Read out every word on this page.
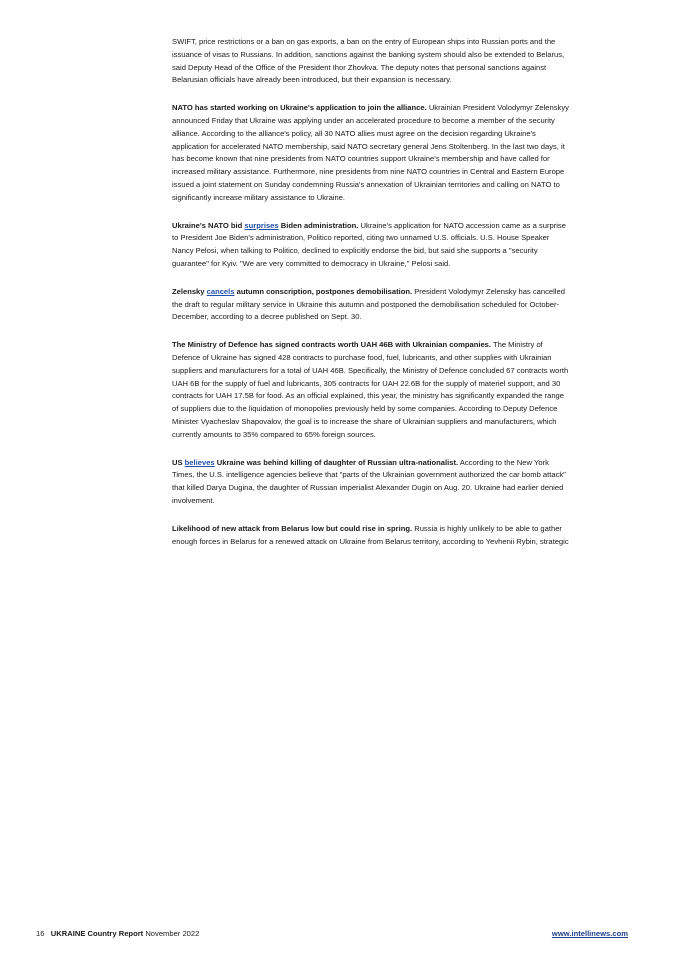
SWIFT, price restrictions or a ban on gas exports, a ban on the entry of European ships into Russian ports and the issuance of visas to Russians. In addition, sanctions against the banking system should also be extended to Belarus, said Deputy Head of the Office of the President Ihor Zhovkva. The deputy notes that personal sanctions against Belarusian officials have already been introduced, but their expansion is necessary.

NATO has started working on Ukraine's application to join the alliance. Ukrainian President Volodymyr Zelenskyy announced Friday that Ukraine was applying under an accelerated procedure to become a member of the security alliance. According to the alliance's policy, all 30 NATO allies must agree on the decision regarding Ukraine's application for accelerated NATO membership, said NATO secretary general Jens Stoltenberg. In the last two days, it has become known that nine presidents from NATO countries support Ukraine's membership and have called for increased military assistance. Furthermore, nine presidents from nine NATO countries in Central and Eastern Europe issued a joint statement on Sunday condemning Russia's annexation of Ukrainian territories and calling on NATO to significantly increase military assistance to Ukraine.

Ukraine's NATO bid surprises Biden administration. Ukraine's application for NATO accession came as a surprise to President Joe Biden's administration, Politico reported, citing two unnamed U.S. officials. U.S. House Speaker Nancy Pelosi, when talking to Politico, declined to explicitly endorse the bid, but said she supports a "security guarantee" for Kyiv. "We are very committed to democracy in Ukraine," Pelosi said.

Zelensky cancels autumn conscription, postpones demobilisation. President Volodymyr Zelensky has cancelled the draft to regular military service in Ukraine this autumn and postponed the demobilisation scheduled for October-December, according to a decree published on Sept. 30.

The Ministry of Defence has signed contracts worth UAH 46B with Ukrainian companies. The Ministry of Defence of Ukraine has signed 428 contracts to purchase food, fuel, lubricants, and other supplies with Ukrainian suppliers and manufacturers for a total of UAH 46B. Specifically, the Ministry of Defence concluded 67 contracts worth UAH 6B for the supply of fuel and lubricants, 305 contracts for UAH 22.6B for the supply of materiel support, and 30 contracts for UAH 17.5B for food. As an official explained, this year, the ministry has significantly expanded the range of suppliers due to the liquidation of monopolies previously held by some companies. According to Deputy Defence Minister Vyacheslav Shapovalov, the goal is to increase the share of Ukrainian suppliers and manufacturers, which currently amounts to 35% compared to 65% foreign sources.

US believes Ukraine was behind killing of daughter of Russian ultra-nationalist. According to the New York Times, the U.S. intelligence agencies believe that "parts of the Ukrainian government authorized the car bomb attack" that killed Darya Dugina, the daughter of Russian imperialist Alexander Dugin on Aug. 20. Ukraine had earlier denied involvement.

Likelihood of new attack from Belarus low but could rise in spring. Russia is highly unlikely to be able to gather enough forces in Belarus for a renewed attack on Ukraine from Belarus territory, according to Yevhenii Rybin, strategic

16 UKRAINE Country Report November 2022	www.intellinews.com
